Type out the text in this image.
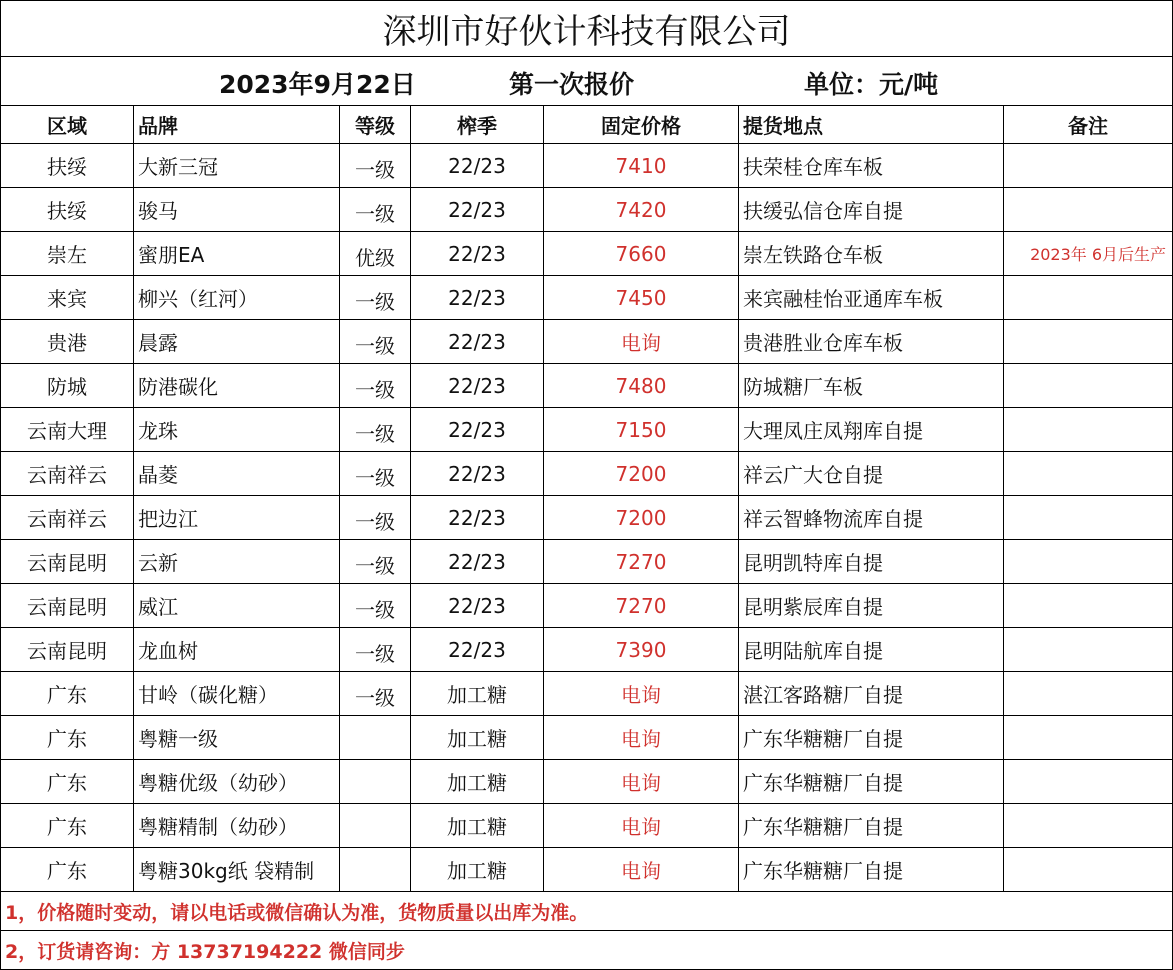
深圳市好伙计科技有限公司						

2023年9月22日 第一次报价 单位：元/吨						

区域	品牌	等级	榨季	固定价格	提货地点	备注
扶绥	大新三冠	一级	22/23	7410	扶荣桂仓库车板	
扶绥	骏马	一级	22/23	7420	扶缓弘信仓库自提	
崇左	蜜朋EA	优级	22/23	7660	崇左铁路仓车板	2023年 6月后生产
来宾	柳兴（红河）	一级	22/23	7450	来宾融桂怡亚通库车板	
贵港	晨露	一级	22/23	电询	贵港胜业仓库车板	
防城	防港碳化	一级	22/23	7480	防城糖厂车板	
云南大理	龙珠	一级	22/23	7150	大理凤庄凤翔库自提	
云南祥云	晶菱	一级	22/23	7200	祥云广大仓自提	
云南祥云	把边江	一级	22/23	7200	祥云智蜂物流库自提	
云南昆明	云新	一级	22/23	7270	昆明凯特库自提	
云南昆明	威江	一级	22/23	7270	昆明紫辰库自提	
云南昆明	龙血树	一级	22/23	7390	昆明陆航库自提	
广东	甘岭（碳化糖）	一级	加工糖	电询	湛江客路糖厂自提	
广东	粤糖一级		加工糖	电询	广东华糖糖厂自提	
广东	粤糖优级（幼砂）		加工糖	电询	广东华糖糖厂自提	
广东	粤糖精制（幼砂）		加工糖	电询	广东华糖糖厂自提	
广东	粤糖30kg纸 袋精制		加工糖	电询	广东华糖糖厂自提	
1，价格随时变动，请以电话或微信确认为准，货物质量以出库为准。						
2，订货请咨询：方 13737194222 微信同步						
